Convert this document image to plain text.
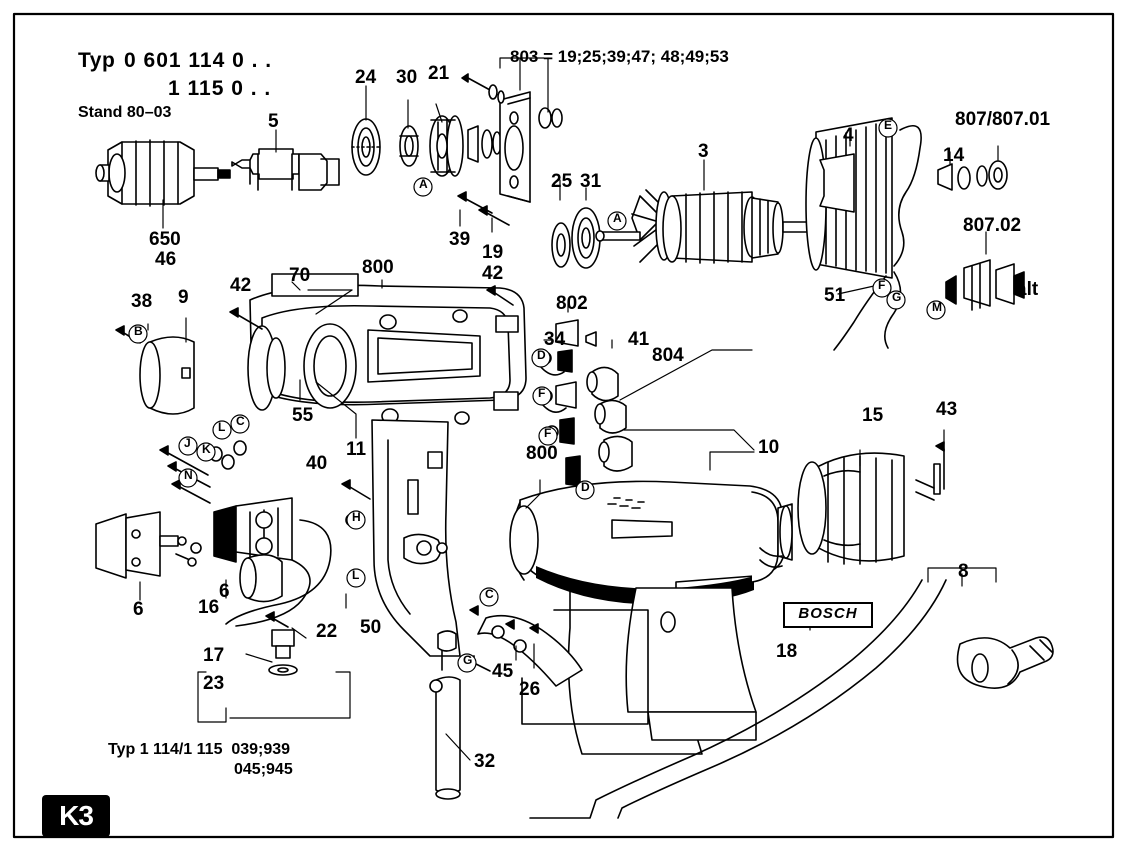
Typ 0 601 114 0 . .
1 115 0 . .
Stand 80–03
803 = 19;25;39;47; 48;49;53
650
46
5
24 30 21
25 31
3
4
14
807/807.01
807.02
51
39
19
alt
42
42
70	800
800
38 9
55
11
40
802
34	41
804
10
15	43
6
6
16
22 50
17
23
45
26
18
8
32
Typ 1 114/1 115  039;939
045;945
BOSCH
K3
A
A
E
F
G
M
B
J K
L C
N
H
L
D
F
F
D
C
G
